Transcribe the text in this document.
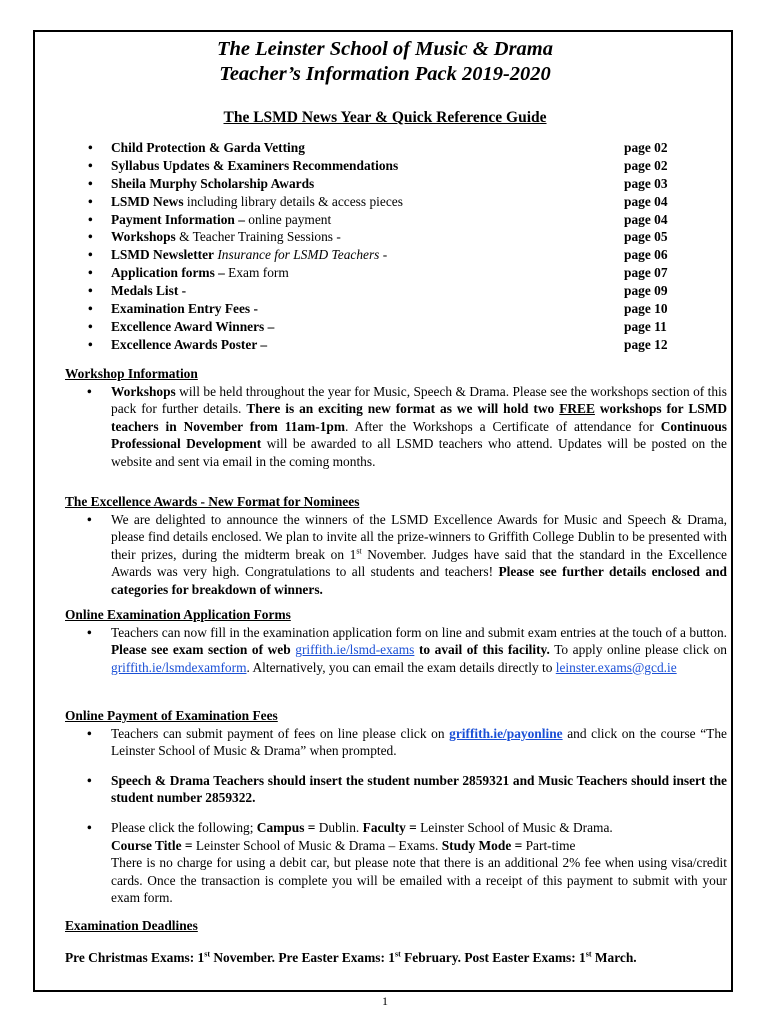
The Leinster School of Music & Drama
Teacher’s Information Pack 2019-2020
The LSMD News Year & Quick Reference Guide
• Child Protection & Garda Vetting	page 02
• Syllabus Updates & Examiners Recommendations	page 02
• Sheila Murphy Scholarship Awards	page 03
• LSMD News including library details & access pieces	page 04
• Payment Information – online payment	page 04
• Workshops & Teacher Training Sessions -	page 05
• LSMD Newsletter Insurance for LSMD Teachers -	page 06
• Application forms – Exam form	page 07
• Medals List -	page 09
• Examination Entry Fees -	page 10
• Excellence Award Winners –	page 11
• Excellence Awards Poster –	page 12
Workshop Information
• Workshops will be held throughout the year for Music, Speech & Drama. Please see the workshops section of this pack for further details. There is an exciting new format as we will hold two FREE workshops for LSMD teachers in November from 11am-1pm. After the Workshops a Certificate of attendance for Continuous Professional Development will be awarded to all LSMD teachers who attend. Updates will be posted on the website and sent via email in the coming months.
The Excellence Awards - New Format for Nominees
• We are delighted to announce the winners of the LSMD Excellence Awards for Music and Speech & Drama, please find details enclosed. We plan to invite all the prize-winners to Griffith College Dublin to be presented with their prizes, during the midterm break on 1st November. Judges have said that the standard in the Excellence Awards was very high. Congratulations to all students and teachers! Please see further details enclosed and categories for breakdown of winners.
Online Examination Application Forms
• Teachers can now fill in the examination application form on line and submit exam entries at the touch of a button. Please see exam section of web griffith.ie/lsmd-exams to avail of this facility. To apply online please click on griffith.ie/lsmdexamform. Alternatively, you can email the exam details directly to leinster.exams@gcd.ie
Online Payment of Examination Fees
• Teachers can submit payment of fees on line please click on griffith.ie/payonline and click on the course “The Leinster School of Music & Drama” when prompted.
• Speech & Drama Teachers should insert the student number 2859321 and Music Teachers should insert the student number 2859322.
• Please click the following; Campus = Dublin. Faculty = Leinster School of Music & Drama.
Course Title = Leinster School of Music & Drama – Exams. Study Mode = Part-time

There is no charge for using a debit car, but please note that there is an additional 2% fee when using visa/credit cards. Once the transaction is complete you will be emailed with a receipt of this payment to submit with your exam form.
Examination Deadlines
Pre Christmas Exams: 1st November. Pre Easter Exams: 1st February. Post Easter Exams: 1st March.
1
